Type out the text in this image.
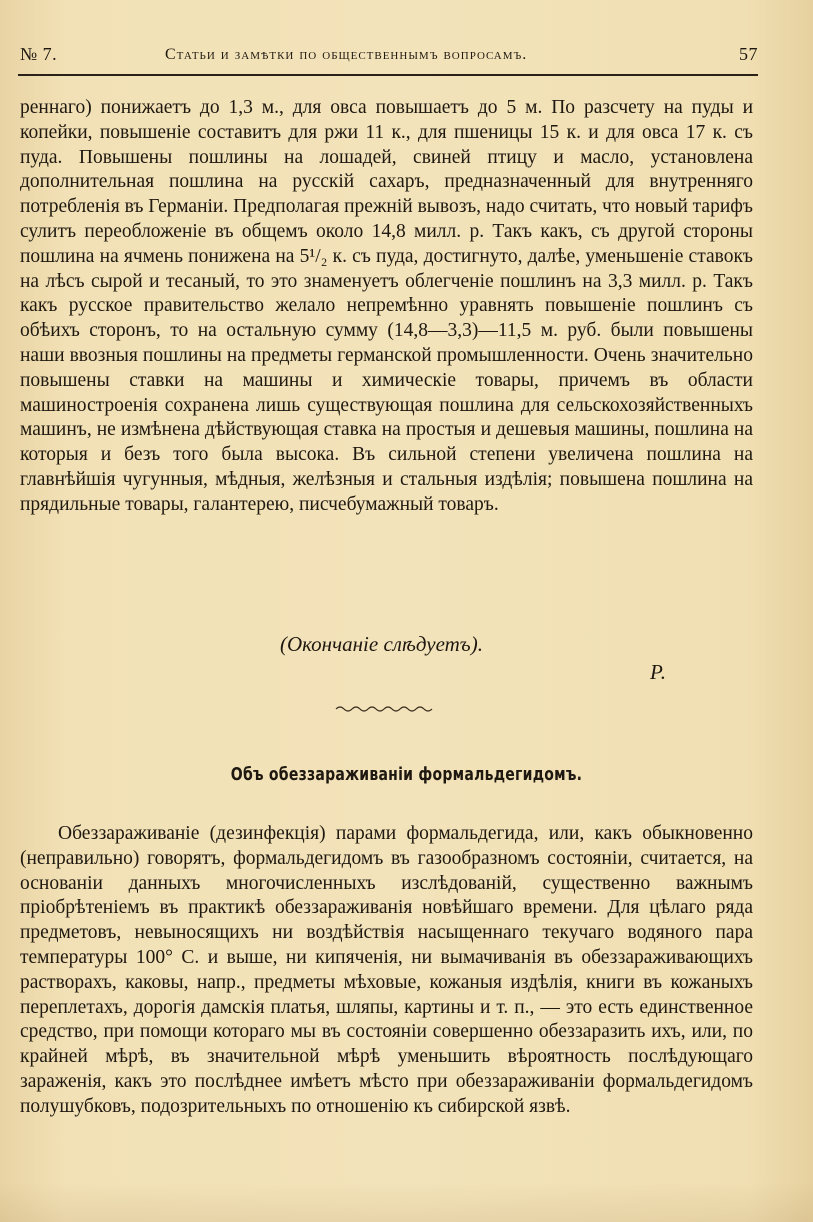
№ 7.	Статьи и замѣтки по общественнымъ вопросамъ.	57
реннаго) понижаетъ до 1,3 м., для овса повышаетъ до 5 м. По разсчету на пуды и копейки, повышеніе составитъ для ржи 11 к., для пшеницы 15 к. и для овса 17 к. съ пуда. Повышены пошлины на лошадей, свиней птицу и масло, установлена дополнительная пошлина на русскій сахаръ, предназначенный для внутренняго потребленія въ Германіи. Предполагая прежній вывозъ, надо считать, что новый тарифъ сулитъ переобложеніе въ общемъ около 14,8 милл. р. Такъ какъ, съ другой стороны пошлина на ячмень понижена на 5¹/₂ к. съ пуда, достигнуто, далѣе, уменьшеніе ставокъ на лѣсъ сырой и тесаный, то это знаменуетъ облегченіе пошлинъ на 3,3 милл. р. Такъ какъ русское правительство желало непремѣнно уравнять повышеніе пошлинъ съ обѣихъ сторонъ, то на остальную сумму (14,8—3,3)—11,5 м. руб. были повышены наши ввозныя пошлины на предметы германской промышленности. Очень значительно повышены ставки на машины и химическіе товары, причемъ въ области машиностроенія сохранена лишь существующая пошлина для сельскохозяйственныхъ машинъ, не измѣнена дѣйствующая ставка на простыя и дешевыя машины, пошлина на которыя и безъ того была высока. Въ сильной степени увеличена пошлина на главнѣйшія чугунныя, мѣдныя, желѣзныя и стальныя издѣлія; повышена пошлина на прядильные товары, галантерею, писчебумажный товаръ.
(Окончаніе слѣдуетъ).
Р.
Объ обеззараживаніи формальдегидомъ.
Обеззараживаніе (дезинфекція) парами формальдегида, или, какъ обыкновенно (неправильно) говорятъ, формальдегидомъ въ газообразномъ состояніи, считается, на основаніи данныхъ многочисленныхъ изслѣдованій, существенно важнымъ пріобрѣтеніемъ въ практикѣ обеззараживанія новѣйшаго времени. Для цѣлаго ряда предметовъ, невыносящихъ ни воздѣйствія насыщеннаго текучаго водяного пара температуры 100° С. и выше, ни кипяченія, ни вымачиванія въ обеззараживающихъ растворахъ, каковы, напр., предметы мѣховые, кожаныя издѣлія, книги въ кожаныхъ переплетахъ, дорогія дамскія платья, шляпы, картины и т. п., — это есть единственное средство, при помощи котораго мы въ состояніи совершенно обеззаразить ихъ, или, по крайней мѣрѣ, въ значительной мѣрѣ уменьшить вѣроятность послѣдующаго зараженія, какъ это послѣднее имѣетъ мѣсто при обеззараживаніи формальдегидомъ полушубковъ, подозрительныхъ по отношенію къ сибирской язвѣ.
